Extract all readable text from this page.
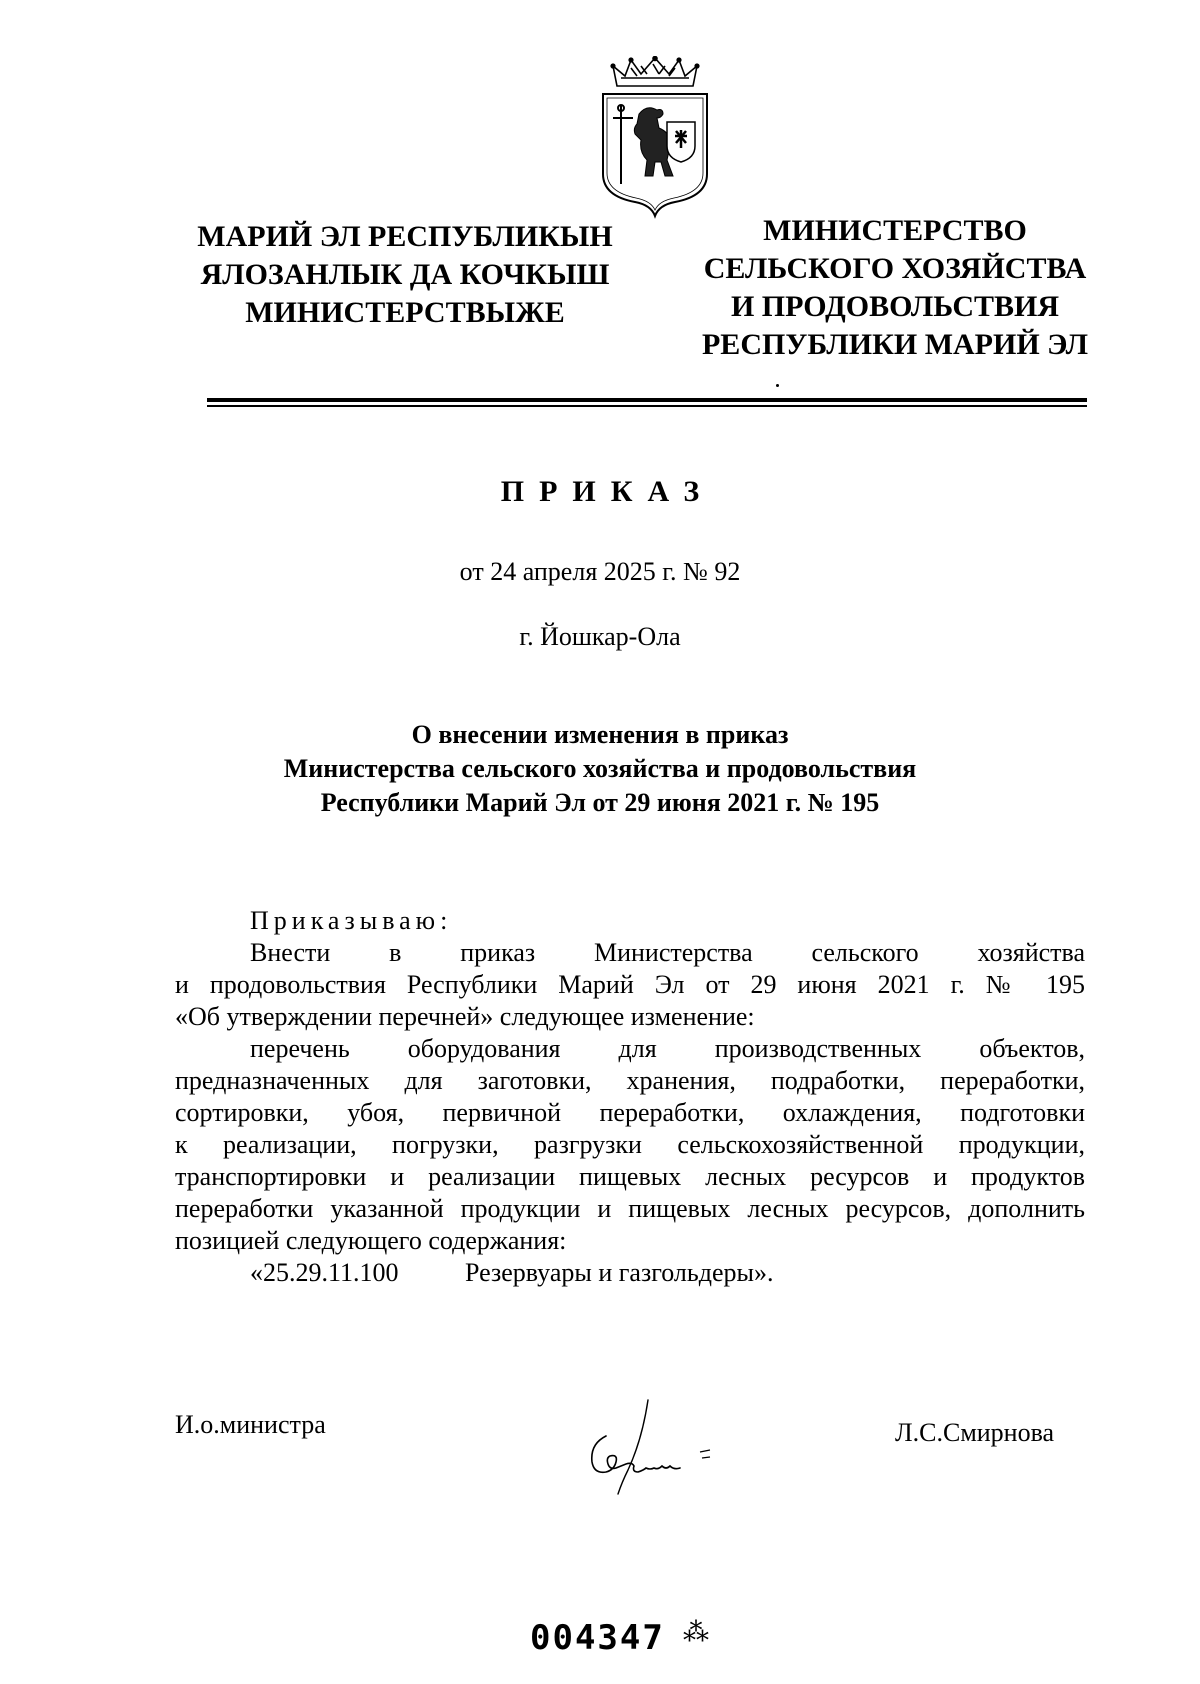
МАРИЙ ЭЛ РЕСПУБЛИКЫН
ЯЛОЗАНЛЫК ДА КОЧКЫШ
МИНИСТЕРСТВЫЖЕ
МИНИСТЕРСТВО
СЕЛЬСКОГО ХОЗЯЙСТВА
И ПРОДОВОЛЬСТВИЯ
РЕСПУБЛИКИ МАРИЙ ЭЛ
ПРИКАЗ
от 24 апреля 2025 г. № 92
г. Йошкар-Ола
О внесении изменения в приказ
Министерства сельского хозяйства и продовольствия
Республики Марий Эл от 29 июня 2021 г. № 195

Приказываю:

Внести в приказ Министерства сельского хозяйства

и продовольствия Республики Марий Эл от 29 июня 2021 г. № 195

«Об утверждении перечней» следующее изменение:

перечень оборудования для производственных объектов,

предназначенных для заготовки, хранения, подработки, переработки,

сортировки, убоя, первичной переработки, охлаждения, подготовки

к реализации, погрузки, разгрузки сельскохозяйственной продукции,

транспортировки и реализации пищевых лесных ресурсов и продуктов

переработки указанной продукции и пищевых лесных ресурсов, дополнить

позицией следующего содержания:

«25.29.11.100	Резервуары и газгольдеры».

И.о.министра	Л.С.Смирнова
004347 ⁂
